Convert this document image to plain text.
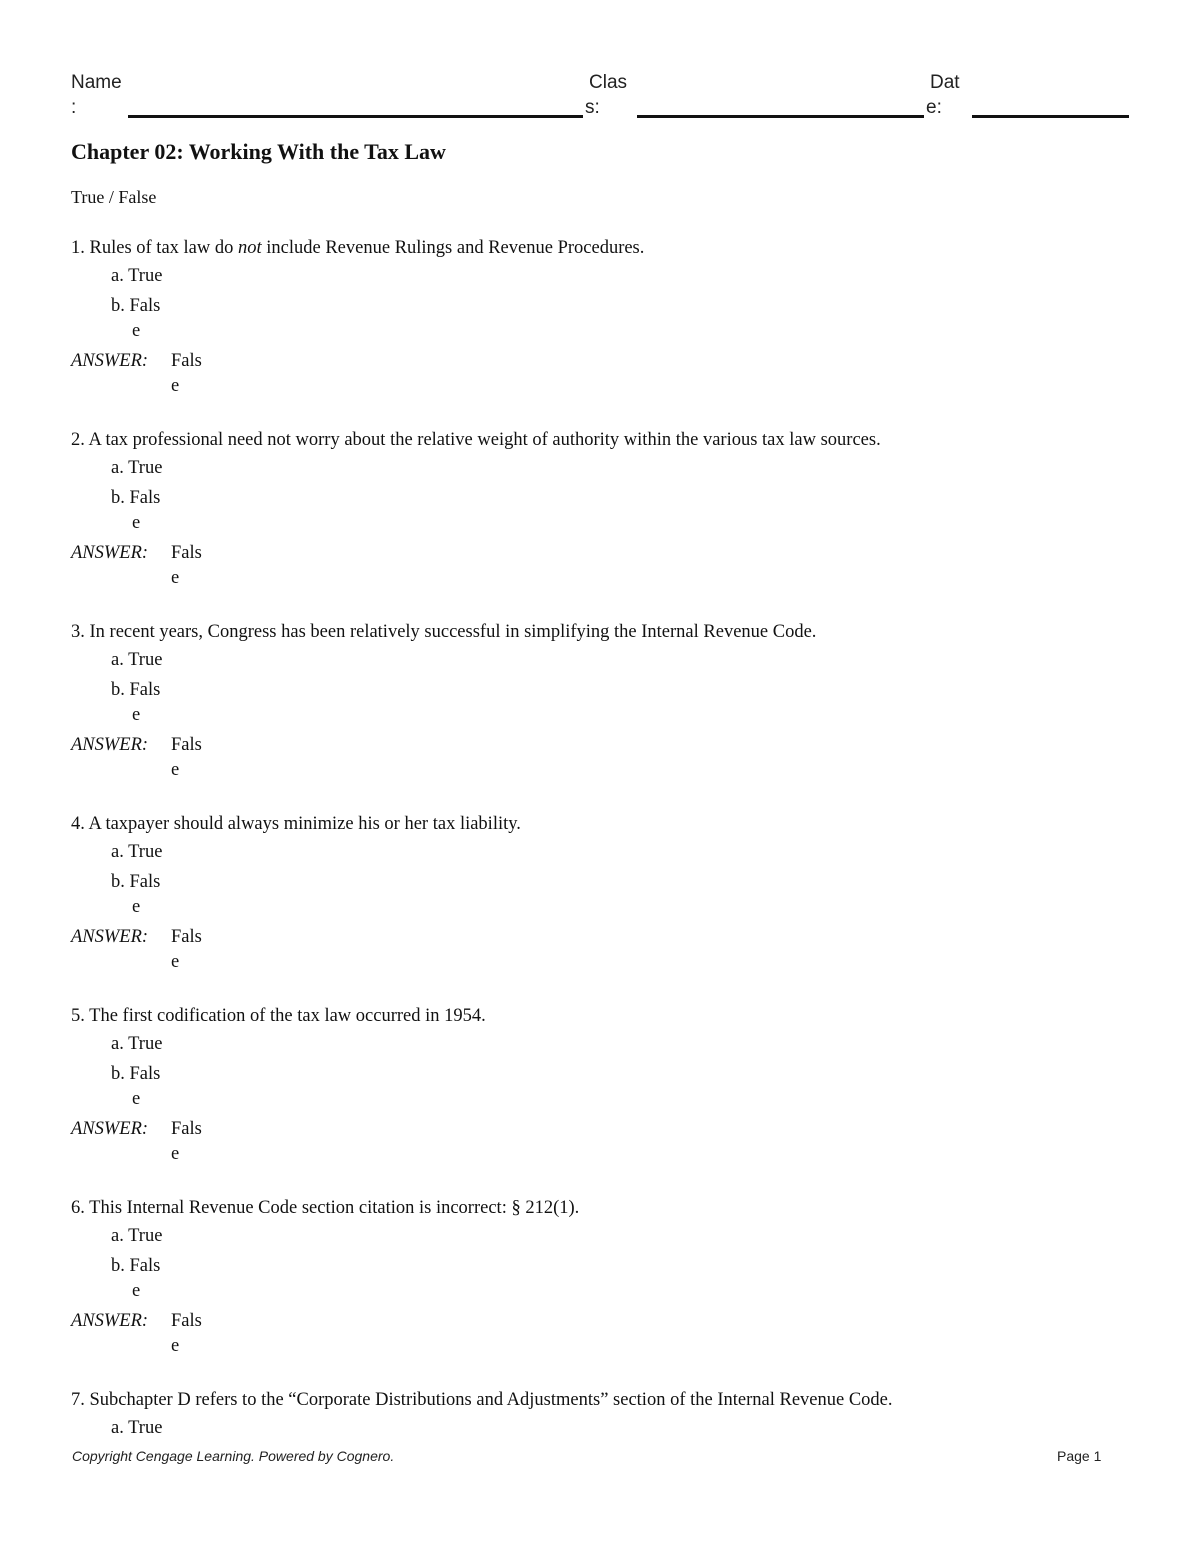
Name
:
Clas
s:
Dat
e:
Chapter 02: Working With the Tax Law
True / False
1. Rules of tax law do not include Revenue Rulings and Revenue Procedures.
a. True
b. Fals
e
ANSWER: Fals
e
2. A tax professional need not worry about the relative weight of authority within the various tax law sources.
a. True
b. Fals
e
ANSWER: Fals
e
3. In recent years, Congress has been relatively successful in simplifying the Internal Revenue Code.
a. True
b. Fals
e
ANSWER: Fals
e
4. A taxpayer should always minimize his or her tax liability.
a. True
b. Fals
e
ANSWER: Fals
e
5. The first codification of the tax law occurred in 1954.
a. True
b. Fals
e
ANSWER: Fals
e
6. This Internal Revenue Code section citation is incorrect: § 212(1).
a. True
b. Fals
e
ANSWER: Fals
e
7. Subchapter D refers to the “Corporate Distributions and Adjustments” section of the Internal Revenue Code.
a. True
Copyright Cengage Learning. Powered by Cognero.	Page 1
